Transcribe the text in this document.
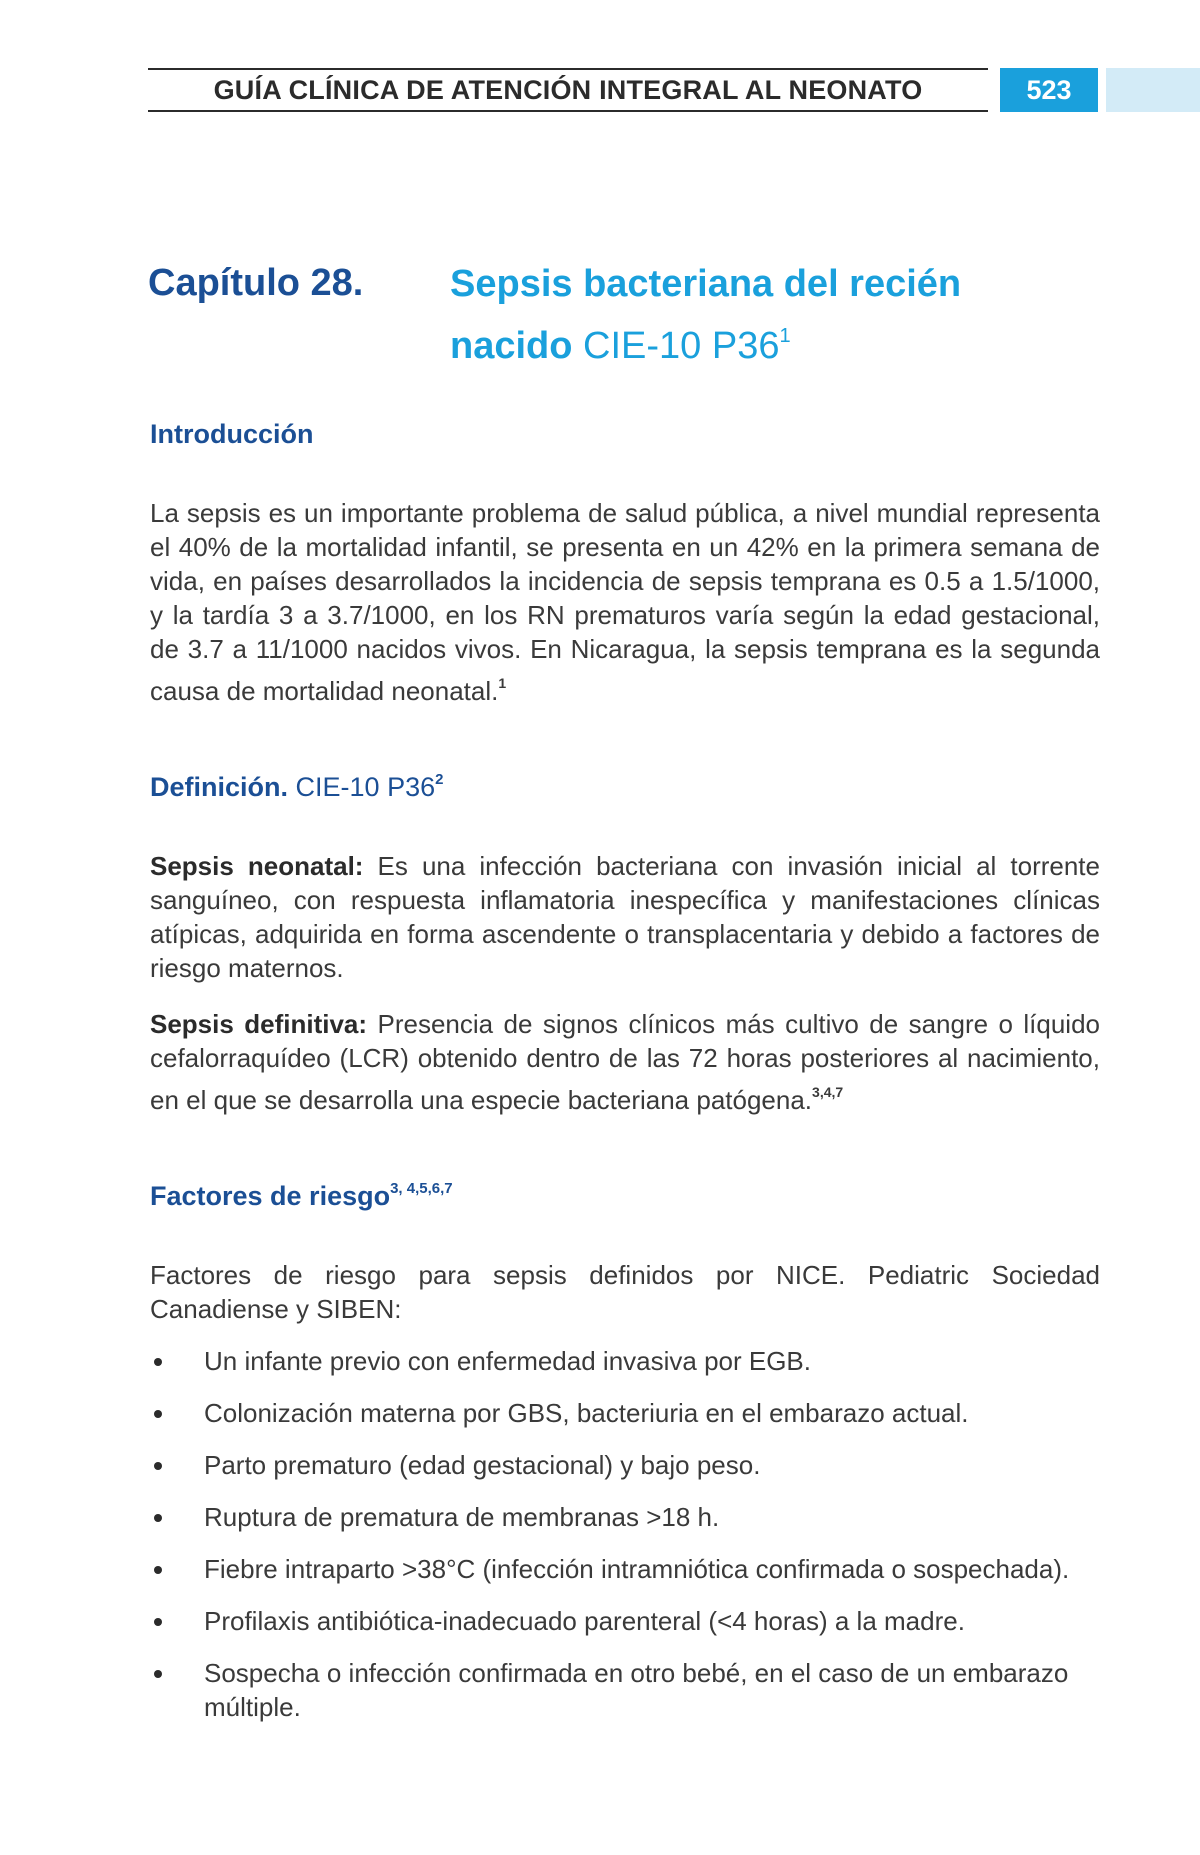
GUÍA CLÍNICA DE ATENCIÓN INTEGRAL AL NEONATO	523
Capítulo 28. Sepsis bacteriana del recién nacido CIE-10 $P36^1$
Introducción

La sepsis es un importante problema de salud pública, a nivel mundial representa el 40% de la mortalidad infantil, se presenta en un 42% en la primera semana de vida, en países desarrollados la incidencia de sepsis temprana es 0.5 a 1.5/1000, y la tardía 3 a 3.7/1000, en los RN prematuros varía según la edad gestacional, de 3.7 a 11/1000 nacidos vivos. En Nicaragua, la sepsis temprana es la segunda causa de mortalidad neonatal.$^1$

Definición. CIE-10 $P36^2$

Sepsis neonatal: Es una infección bacteriana con invasión inicial al torrente sanguíneo, con respuesta inflamatoria inespecífica y manifestaciones clínicas atípicas, adquirida en forma ascendente o transplacentaria y debido a factores de riesgo maternos.

Sepsis definitiva: Presencia de signos clínicos más cultivo de sangre o líquido cefalorraquídeo (LCR) obtenido dentro de las 72 horas posteriores al nacimiento, en el que se desarrolla una especie bacteriana patógena.$^{3,4,7}$

Factores de riesgo$^{3, 4,5,6,7}$

Factores de riesgo para sepsis definidos por NICE. Pediatric Sociedad Canadiense y SIBEN:

Un infante previo con enfermedad invasiva por EGB.
Colonización materna por GBS, bacteriuria en el embarazo actual.
Parto prematuro (edad gestacional) y bajo peso.
Ruptura de prematura de membranas >18 h.
Fiebre intraparto >38°C (infección intramniótica confirmada o sospechada).
Profilaxis antibiótica-inadecuado parenteral (<4 horas) a la madre.
Sospecha o infección confirmada en otro bebé, en el caso de un embarazo múltiple.
